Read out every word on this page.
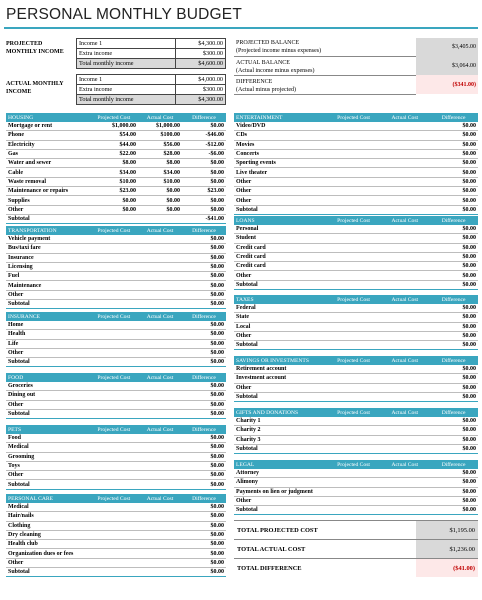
PERSONAL MONTHLY BUDGET
PROJECTED MONTHLY INCOME
Income 1	$4,300.00
Extra income	$300.00
Total monthly income	$4,600.00
ACTUAL MONTHLY INCOME
Income 1	$4,000.00
Extra income	$300.00
Total monthly income	$4,300.00
PROJECTED BALANCE
(Projected income minus expenses)	$3,405.00

ACTUAL BALANCE
(Actual income minus expenses)	$3,064.00

DIFFERENCE
(Actual minus projected)	($341.00)
HOUSING	Projected Cost	Actual Cost	Difference
Mortgage or rent	$1,000.00	$1,000.00	$0.00
Phone	$54.00	$100.00	-$46.00
Electricity	$44.00	$56.00	-$12.00
Gas	$22.00	$28.00	-$6.00
Water and sewer	$8.00	$8.00	$0.00
Cable	$34.00	$34.00	$0.00
Waste removal	$10.00	$10.00	$0.00
Maintenance or repairs	$23.00	$0.00	$23.00
Supplies	$0.00	$0.00	$0.00
Other	$0.00	$0.00	$0.00
Subtotal			-$41.00
TRANSPORTATION	Projected Cost	Actual Cost	Difference
Vehicle payment			$0.00
Bus/taxi fare			$0.00
Insurance			$0.00
Licensing			$0.00
Fuel			$0.00
Maintenance			$0.00
Other			$0.00
Subtotal			$0.00
INSURANCE	Projected Cost	Actual Cost	Difference
Home			$0.00
Health			$0.00
Life			$0.00
Other			$0.00
Subtotal			$0.00
FOOD	Projected Cost	Actual Cost	Difference
Groceries			$0.00
Dining out			$0.00
Other			$0.00
Subtotal			$0.00
PETS	Projected Cost	Actual Cost	Difference
Food			$0.00
Medical			$0.00
Grooming			$0.00
Toys			$0.00
Other			$0.00
Subtotal			$0.00
PERSONAL CARE	Projected Cost	Actual Cost	Difference
Medical			$0.00
Hair/nails			$0.00
Clothing			$0.00
Dry cleaning			$0.00
Health club			$0.00
Organization dues or fees			$0.00
Other			$0.00
Subtotal			$0.00
ENTERTAINMENT	Projected Cost	Actual Cost	Difference
Video/DVD			$0.00
CDs			$0.00
Movies			$0.00
Concerts			$0.00
Sporting events			$0.00
Live theater			$0.00
Other			$0.00
Other			$0.00
Other			$0.00
Subtotal			$0.00
LOANS	Projected Cost	Actual Cost	Difference
Personal			$0.00
Student			$0.00
Credit card			$0.00
Credit card			$0.00
Credit card			$0.00
Other			$0.00
Subtotal			$0.00
TAXES	Projected Cost	Actual Cost	Difference
Federal			$0.00
State			$0.00
Local			$0.00
Other			$0.00
Subtotal			$0.00
SAVINGS OR INVESTMENTS	Projected Cost	Actual Cost	Difference
Retirement account			$0.00
Investment account			$0.00
Other			$0.00
Subtotal			$0.00
GIFTS AND DONATIONS	Projected Cost	Actual Cost	Difference
Charity 1			$0.00
Charity 2			$0.00
Charity 3			$0.00
Subtotal			$0.00
LEGAL	Projected Cost	Actual Cost	Difference
Attorney			$0.00
Alimony			$0.00
Payments on lien or judgment			$0.00
Other			$0.00
Subtotal			$0.00
TOTAL PROJECTED COST	$1,195.00
TOTAL ACTUAL COST	$1,236.00
TOTAL DIFFERENCE	($41.00)
